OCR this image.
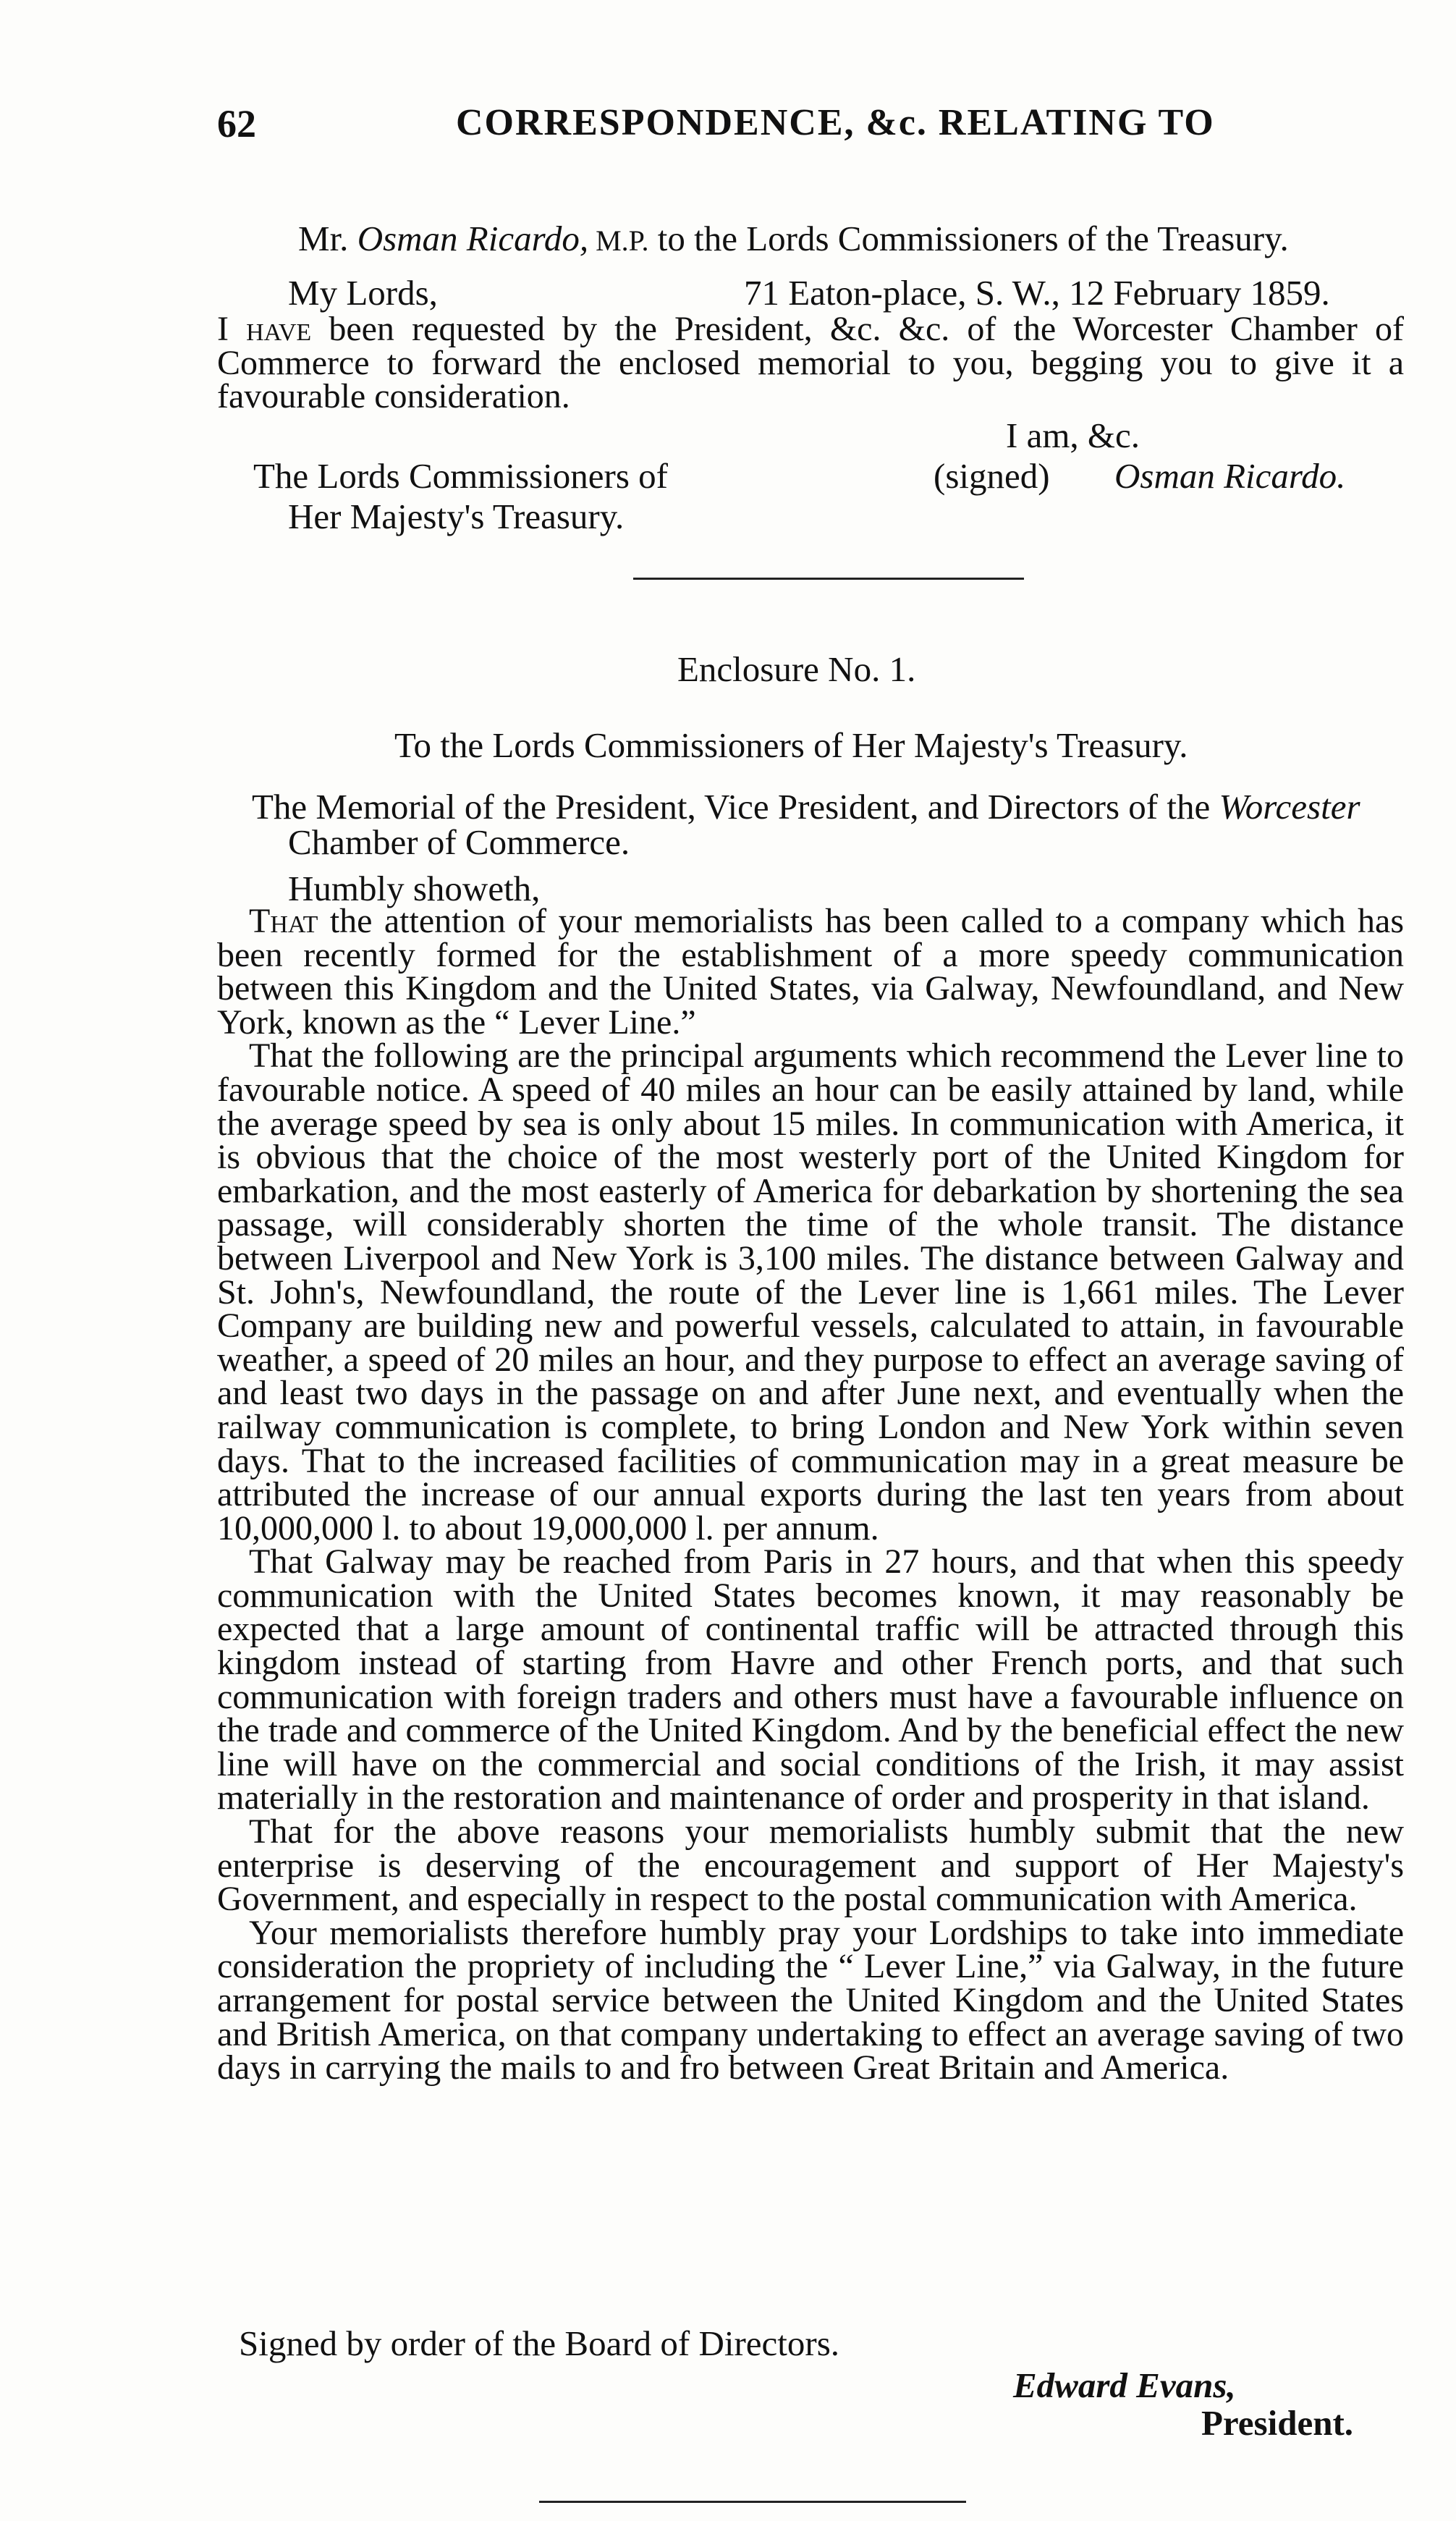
62	CORRESPONDENCE, &c. RELATING TO
Mr. Osman Ricardo, M.P. to the Lords Commissioners of the Treasury.
My Lords,	71 Eaton-place, S. W., 12 February 1859.

I have been requested by the President, &c. &c. of the Worcester Chamber of Commerce to forward the enclosed memorial to you, begging you to give it a favourable consideration.

I am, &c.
The Lords Commissioners of	(signed) Osman Ricardo.
Her Majesty's Treasury.
Enclosure No. 1.
To the Lords Commissioners of Her Majesty's Treasury.
The Memorial of the President, Vice President, and Directors of the Worcester
Chamber of Commerce.
Humbly showeth,

That the attention of your memorialists has been called to a company which has been recently formed for the establishment of a more speedy communication between this Kingdom and the United States, via Galway, Newfoundland, and New York, known as the “ Lever Line.”

That the following are the principal arguments which recommend the Lever line to favourable notice. A speed of 40 miles an hour can be easily attained by land, while the average speed by sea is only about 15 miles. In communication with America, it is obvious that the choice of the most westerly port of the United Kingdom for embarkation, and the most easterly of America for debarkation by shortening the sea passage, will considerably shorten the time of the whole transit. The distance between Liverpool and New York is 3,100 miles. The distance between Galway and St. John's, Newfoundland, the route of the Lever line is 1,661 miles. The Lever Company are building new and powerful vessels, calculated to attain, in favourable weather, a speed of 20 miles an hour, and they purpose to effect an average saving of and least two days in the passage on and after June next, and eventually when the railway communication is complete, to bring London and New York within seven days. That to the increased facilities of communication may in a great measure be attributed the increase of our annual exports during the last ten years from about 10,000,000 l. to about 19,000,000 l. per annum.

That Galway may be reached from Paris in 27 hours, and that when this speedy communication with the United States becomes known, it may reasonably be expected that a large amount of continental traffic will be attracted through this kingdom instead of starting from Havre and other French ports, and that such communication with foreign traders and others must have a favourable influence on the trade and commerce of the United Kingdom. And by the beneficial effect the new line will have on the commercial and social conditions of the Irish, it may assist materially in the restoration and maintenance of order and prosperity in that island.

That for the above reasons your memorialists humbly submit that the new enterprise is deserving of the encouragement and support of Her Majesty's Government, and especially in respect to the postal communication with America.

Your memorialists therefore humbly pray your Lordships to take into immediate consideration the propriety of including the “ Lever Line,” via Galway, in the future arrangement for postal service between the United Kingdom and the United States and British America, on that company undertaking to effect an average saving of two days in carrying the mails to and fro between Great Britain and America.

Signed by order of the Board of Directors.
Edward Evans,
President.
